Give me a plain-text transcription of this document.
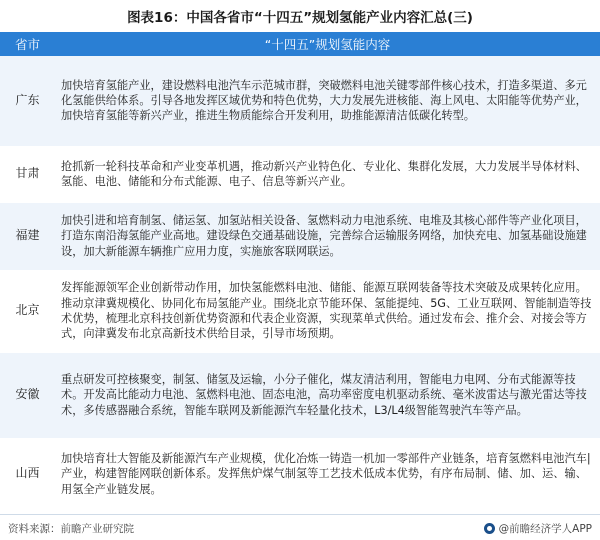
图表16：中国各省市“十四五”规划氢能产业内容汇总(三)
省市	“十四五”规划氢能内容
广东	加快培育氢能产业，建设燃料电池汽车示范城市群，突破燃料电池关键零部件核心技术，打造多渠道、多元化氢能供给体系。引导各地发挥区域优势和特色优势，大力发展先进核能、海上风电、太阳能等优势产业，加快培育氢能等新兴产业，推进生物质能综合开发利用，助推能源清洁低碳化转型。
甘肃	抢抓新一轮科技革命和产业变革机遇，推动新兴产业特色化、专业化、集群化发展，大力发展半导体材料、氢能、电池、储能和分布式能源、电子、信息等新兴产业。
福建	加快引进和培育制氢、储运氢、加氢站相关设备、氢燃料动力电池系统、电堆及其核心部件等产业化项目，打造东南沿海氢能产业高地。建设绿色交通基础设施，完善综合运输服务网络，加快充电、加氢基础设施建设，加大新能源车辆推广应用力度，实施旅客联网联运。
北京	发挥能源领军企业创新带动作用，加快氢能燃料电池、储能、能源互联网装备等技术突破及成果转化应用。推动京津冀规模化、协同化布局氢能产业。围绕北京节能环保、氢能提纯、5G、工业互联网、智能制造等技术优势，梳理北京科技创新优势资源和代表企业资源，实现菜单式供给。通过发布会、推介会、对接会等方式，向津冀发布北京高新技术供给目录，引导市场预期。
安徽	重点研发可控核聚变，制氢、储氢及运输，小分子催化，煤友清洁利用，智能电力电网、分布式能源等技术。开发高比能动力电池、氢燃料电池、固态电池，高功率密度电机驱动系统、毫米波雷达与激光雷达等技术，多传感器融合系统，智能车联网及新能源汽车轻量化技术，L3/L4级智能驾驶汽车等产品。
山西	加快培育壮大智能及新能源汽车产业规模，优化冶炼一铸造一机加一零部件产业链条，培育氢燃料电池汽车|产业，构建智能网联创新体系。发挥焦炉煤气制氢等工艺技术低成本优势，有序布局制、储、加、运、输、用氢全产业链发展。
资料来源：前瞻产业研究院	@前瞻经济学人APP
